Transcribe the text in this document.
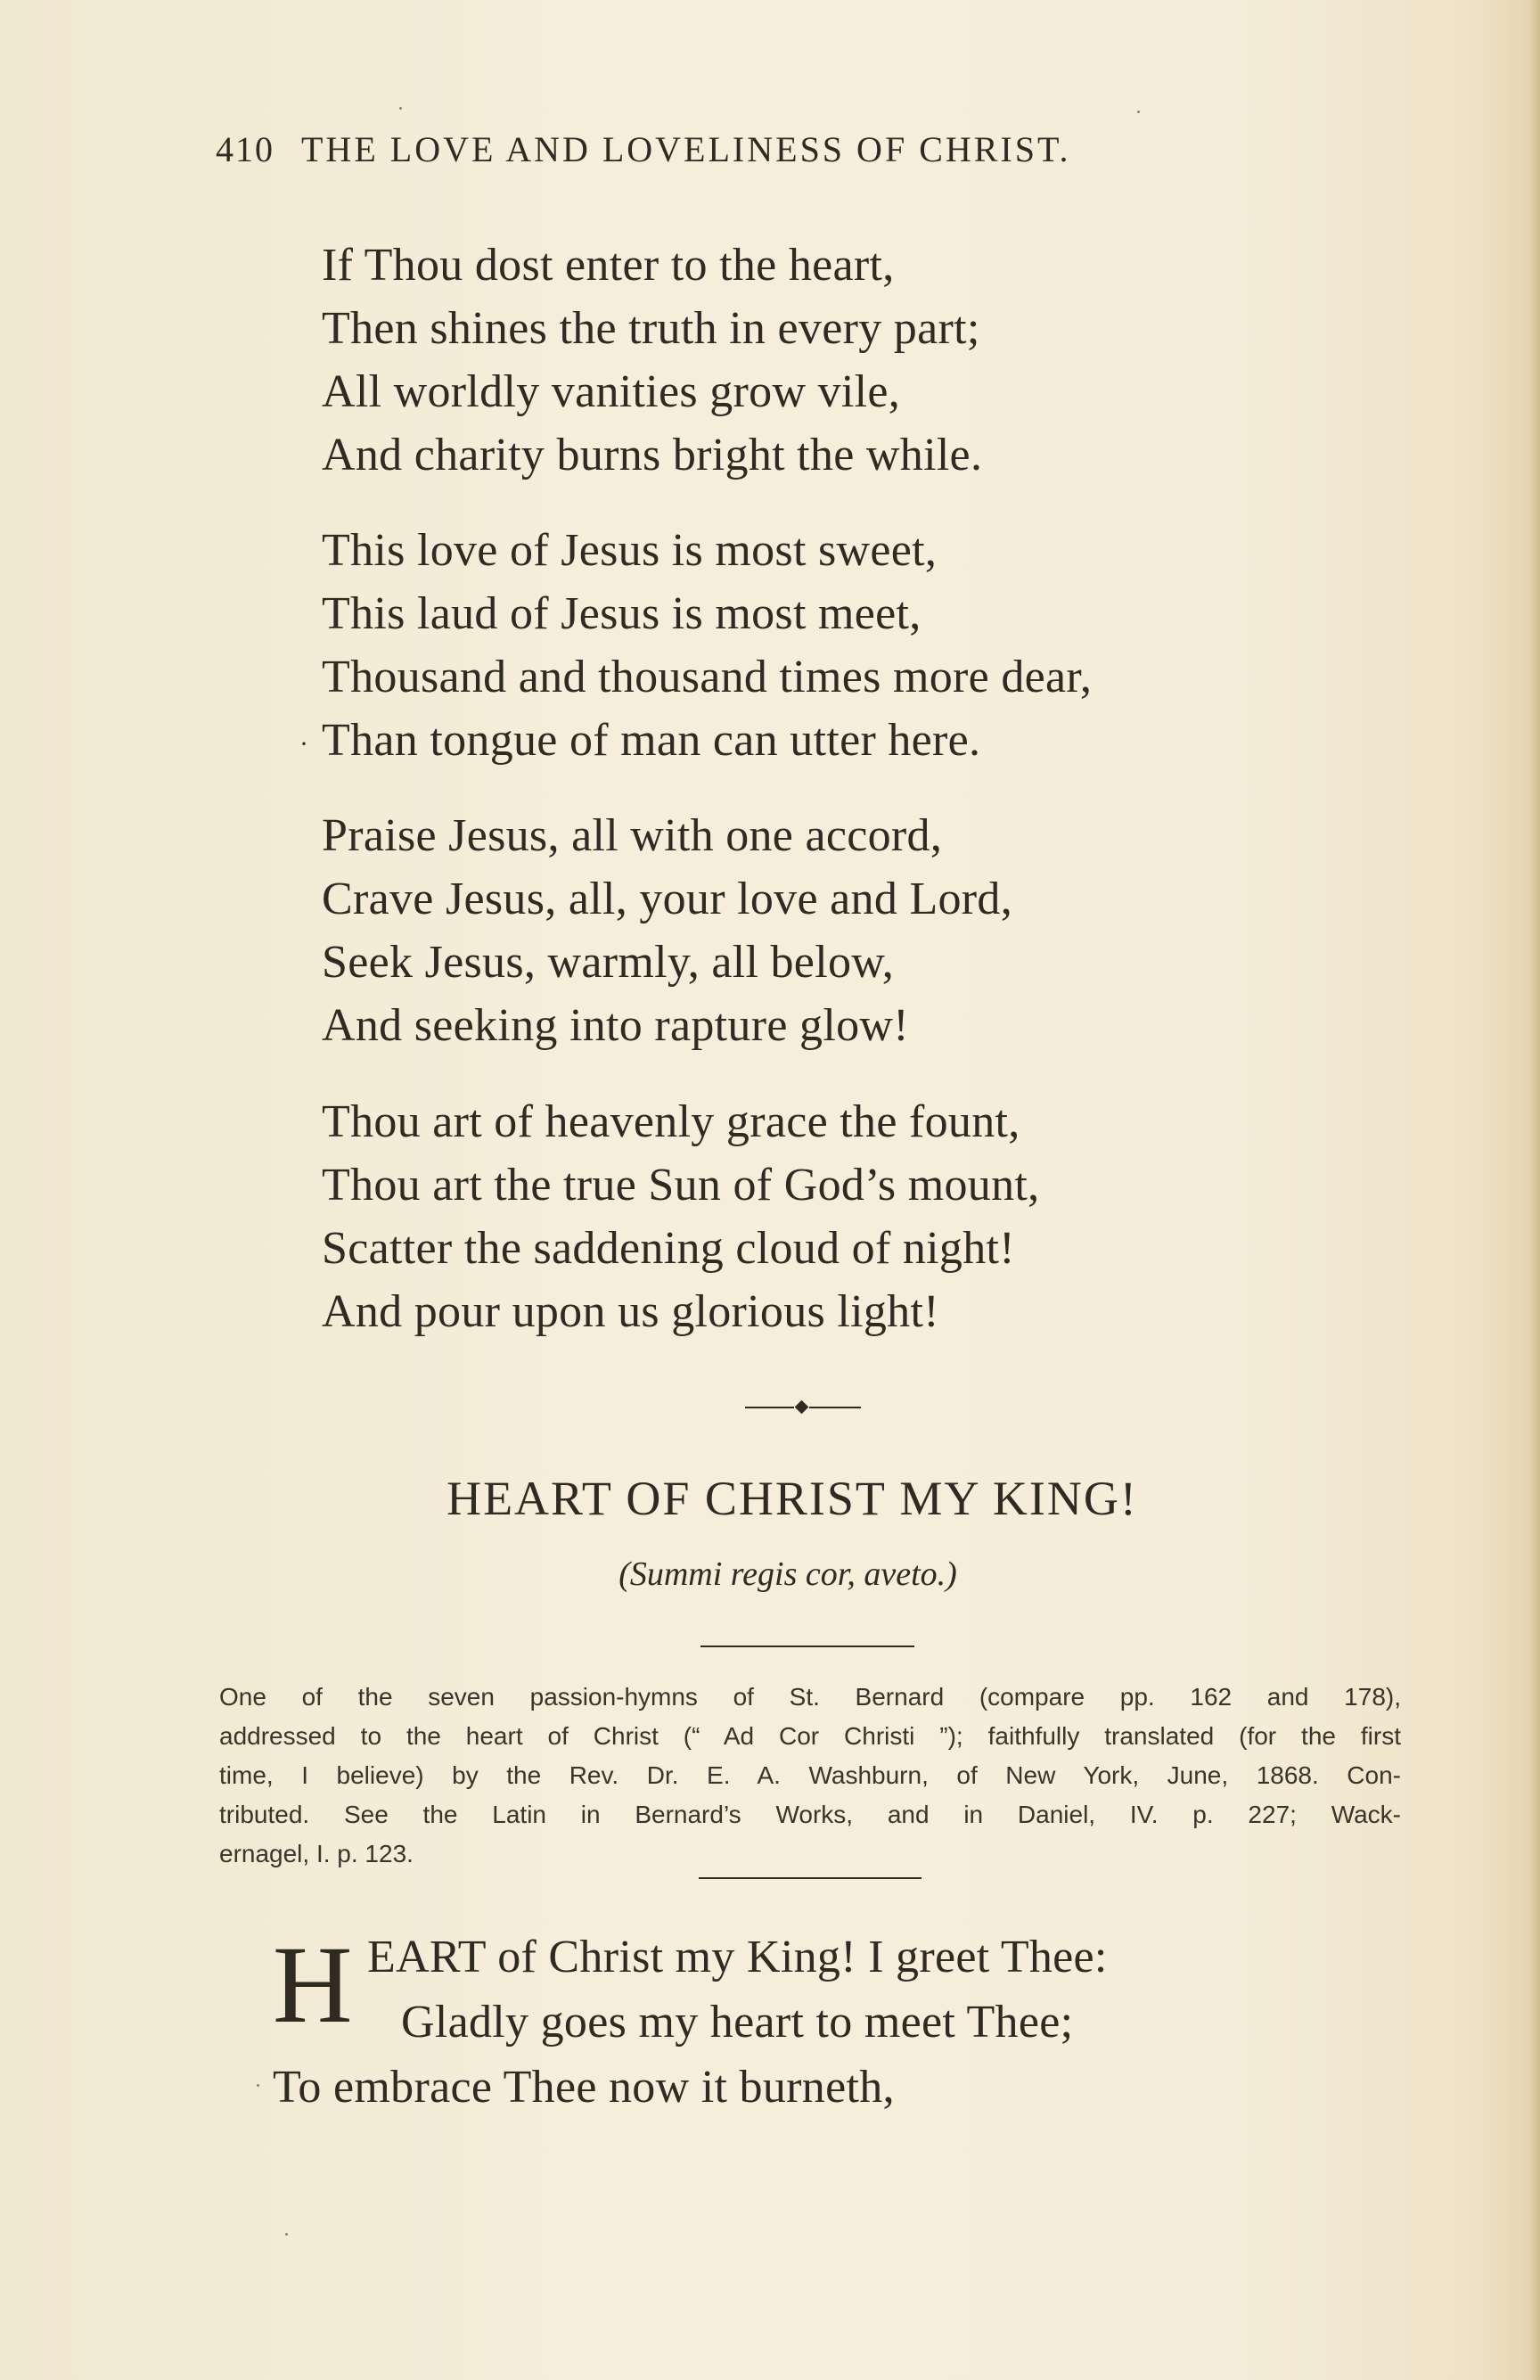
410 THE LOVE AND LOVELINESS OF CHRIST.
If Thou dost enter to the heart,
Then shines the truth in every part;
All worldly vanities grow vile,
And charity burns bright the while.
This love of Jesus is most sweet,
This laud of Jesus is most meet,
Thousand and thousand times more dear,
Than tongue of man can utter here.
·
Praise Jesus, all with one accord,
Crave Jesus, all, your love and Lord,
Seek Jesus, warmly, all below,
And seeking into rapture glow!
Thou art of heavenly grace the fount,
Thou art the true Sun of God’s mount,
Scatter the saddening cloud of night!
And pour upon us glorious light!
HEART OF CHRIST MY KING!
(Summi regis cor, aveto.)
One of the seven passion-hymns of St. Bernard (compare pp. 162 and 178),
addressed to the heart of Christ (“ Ad Cor Christi ”); faithfully translated (for the first
time, I believe) by the Rev. Dr. E. A. Washburn, of New York, June, 1868. Con-
tributed. See the Latin in Bernard’s Works, and in Daniel, IV. p. 227; Wack-
ernagel, I. p. 123.
H EART of Christ my King! I greet Thee:
Gladly goes my heart to meet Thee;
To embrace Thee now it burneth,
